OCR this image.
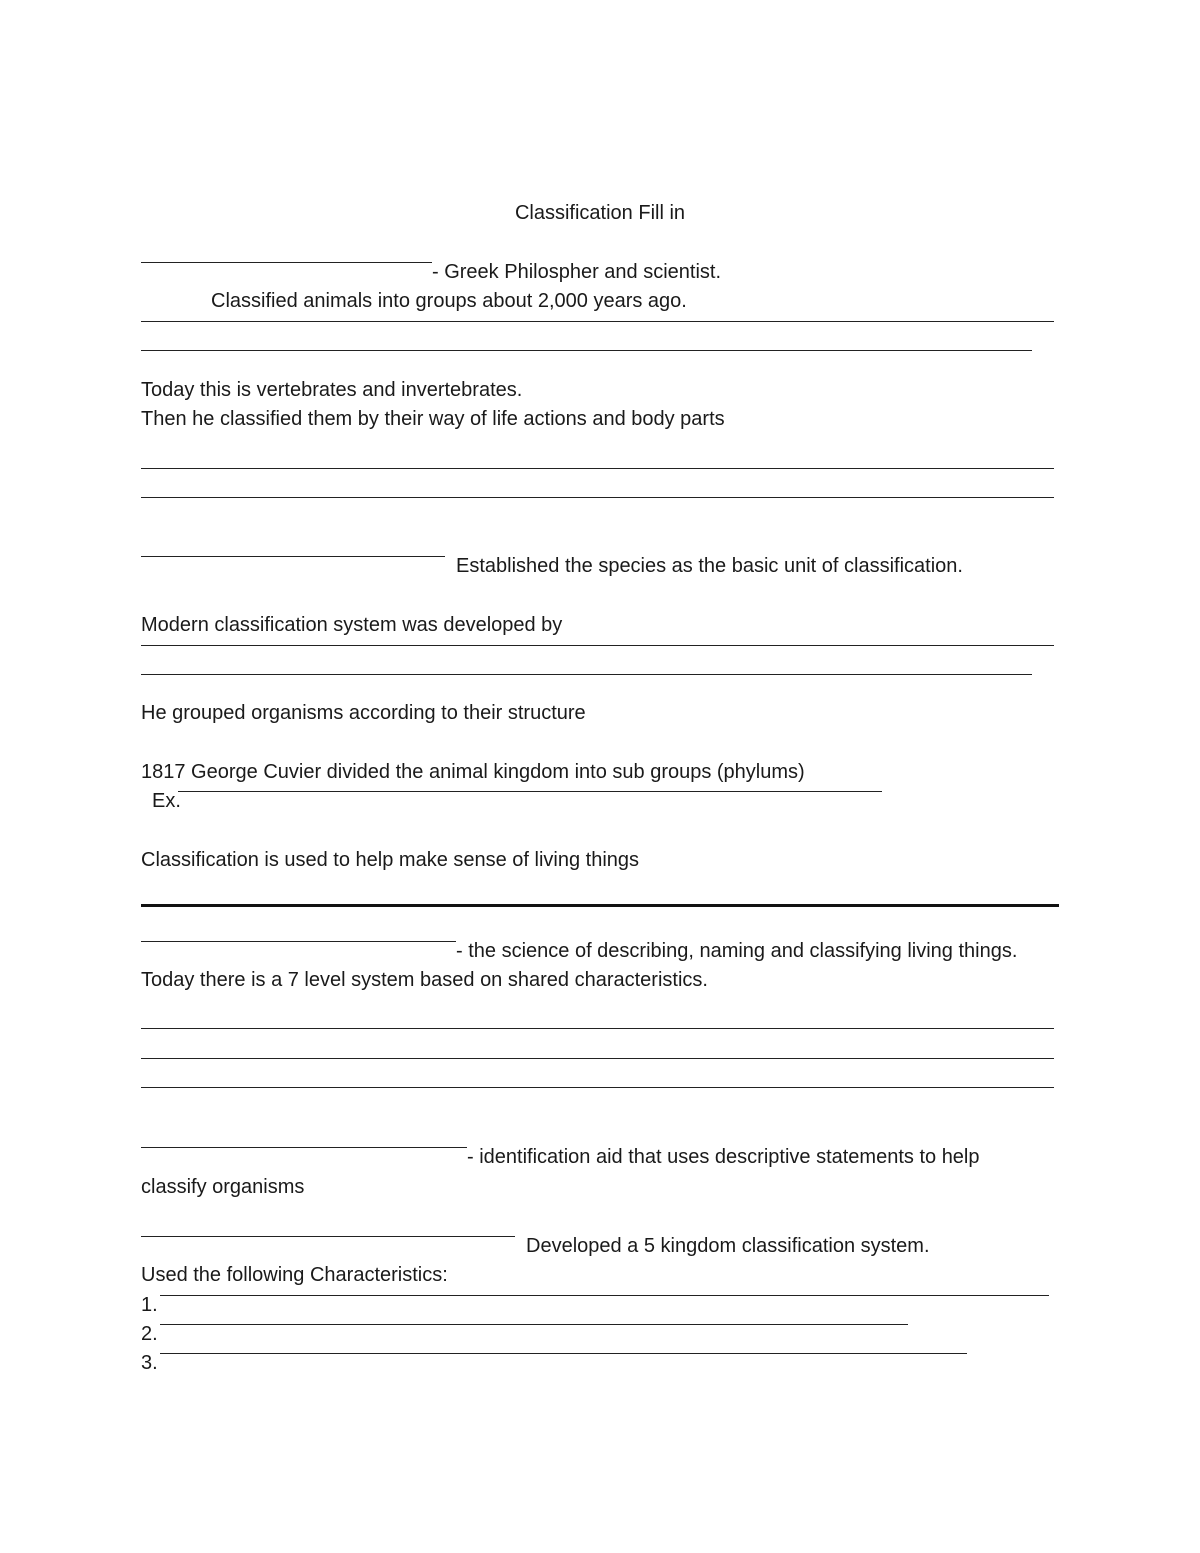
Classification Fill in
- Greek Philospher and scientist.
Classified animals into groups about 2,000 years ago.
Today this is vertebrates and invertebrates.
Then he classified them by their way of life actions and body parts
Established the species as the basic unit of classification.
Modern classification system was developed by
He grouped organisms according to their structure
1817 George Cuvier divided the animal kingdom into sub groups (phylums)
Ex.
Classification is used to help make sense of living things
- the science of describing, naming and classifying living things.
Today there is a 7 level system based on shared characteristics.
- identification aid that uses descriptive statements to help
classify organisms
Developed a 5 kingdom classification system.
Used the following Characteristics:
1.
2.
3.
